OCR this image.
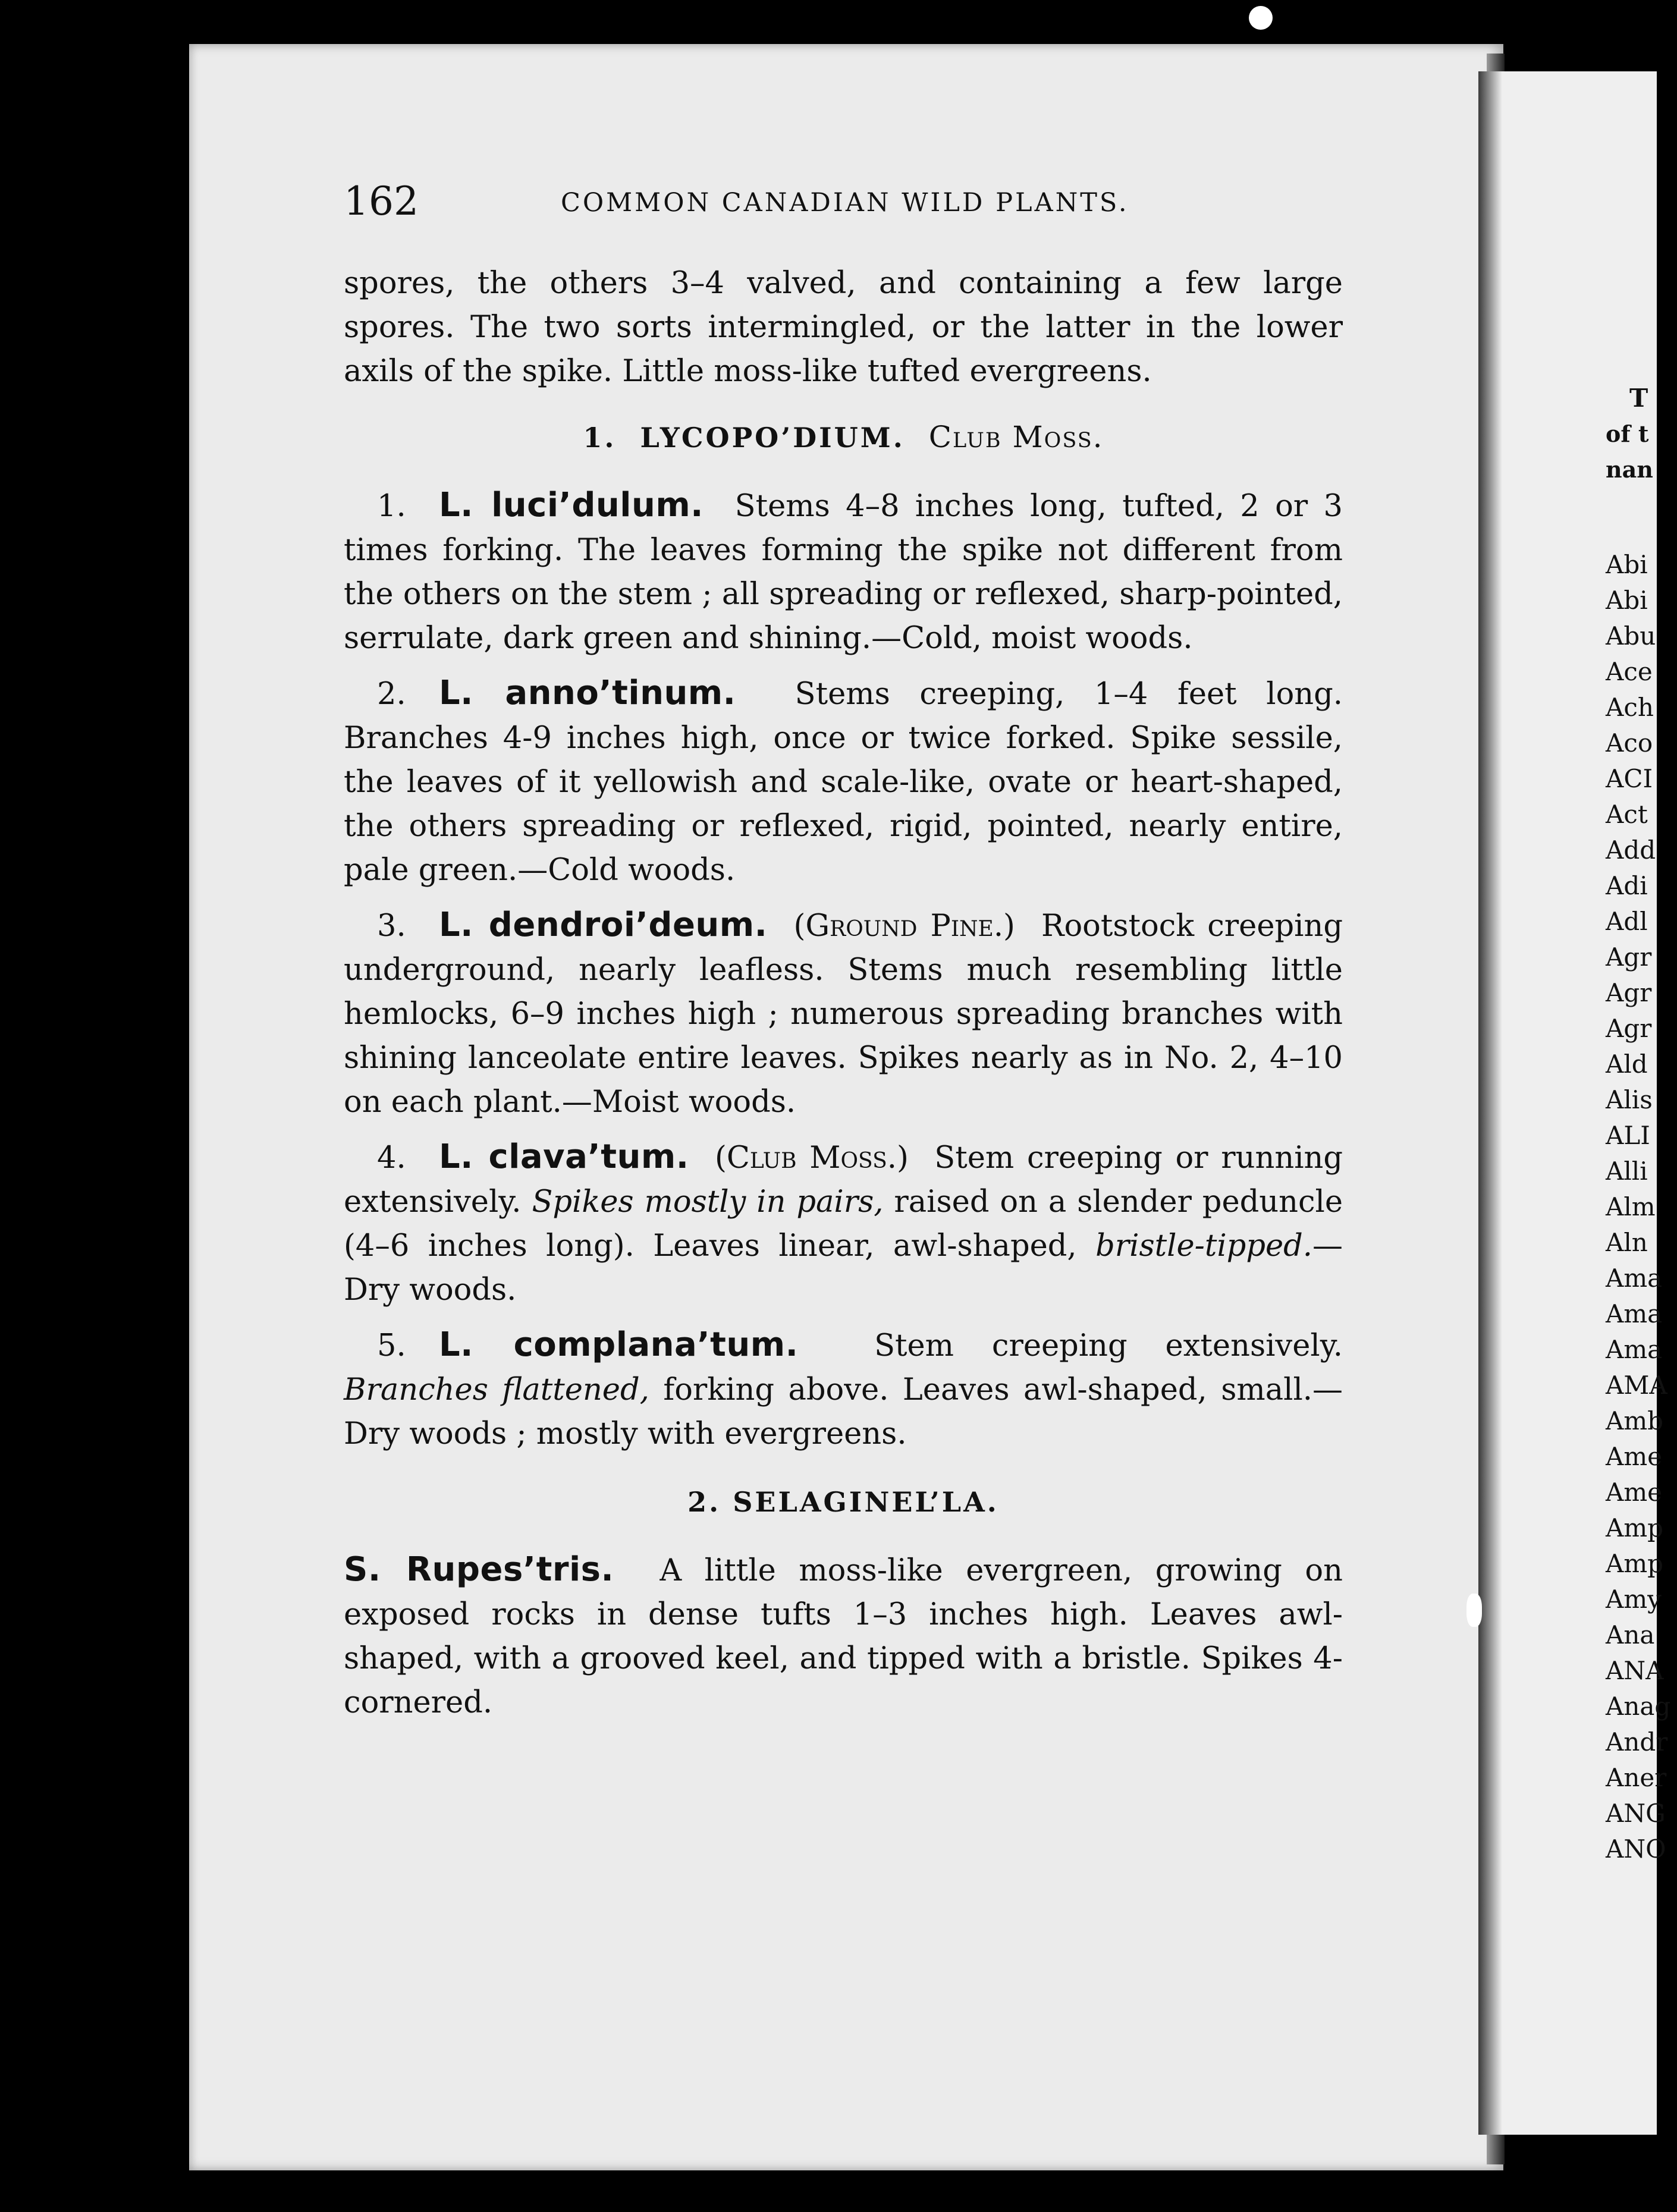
162	COMMON CANADIAN WILD PLANTS.

spores, the others 3–4 valved, and containing a few large spores. The two sorts intermingled, or the latter in the lower axils of the spike. Little moss-like tufted evergreens.

1. LYCOPO’DIUM. Club Moss.

1. L. luci’dulum. Stems 4–8 inches long, tufted, 2 or 3 times forking. The leaves forming the spike not different from the others on the stem ; all spreading or reflexed, sharp-pointed, serrulate, dark green and shining.—Cold, moist woods.

2. L. anno’tinum. Stems creeping, 1–4 feet long. Branches 4-9 inches high, once or twice forked. Spike sessile, the leaves of it yellowish and scale-like, ovate or heart-shaped, the others spreading or reflexed, rigid, pointed, nearly entire, pale green.—Cold woods.

3. L. dendroi’deum. (Ground Pine.) Rootstock creeping underground, nearly leafless. Stems much resembling little hemlocks, 6–9 inches high ; numerous spreading branches with shining lanceolate entire leaves. Spikes nearly as in No. 2, 4–10 on each plant.—Moist woods.

4. L. clava’tum. (Club Moss.) Stem creeping or running extensively. Spikes mostly in pairs, raised on a slender peduncle (4–6 inches long). Leaves linear, awl-shaped, bristle-tipped.—Dry woods.

5. L. complana’tum.	Stem creeping extensively. Branches flattened, forking above. Leaves awl-shaped, small.—Dry woods ; mostly with evergreens.

2. SELAGINEL’LA.

S. Rupes’tris. A little moss-like evergreen, growing on exposed rocks in dense tufts 1–3 inches high. Leaves awl-shaped, with a grooved keel, and tipped with a bristle. Spikes 4-cornered.

T
of t
nan
Abi
Abi
Abu
Ace
Ach
Aco
ACI
Act
Add
Adi
Adl
Agr
Agr
Agr
Ald
Alis
ALI
Alli
Alm
Aln
Ama
Ama
Ama
AMA
Amb
Ame
Ame
Amp
Amp
Amy
Ana
ANA
Anag
Andr
Aner
ANG
ANO
